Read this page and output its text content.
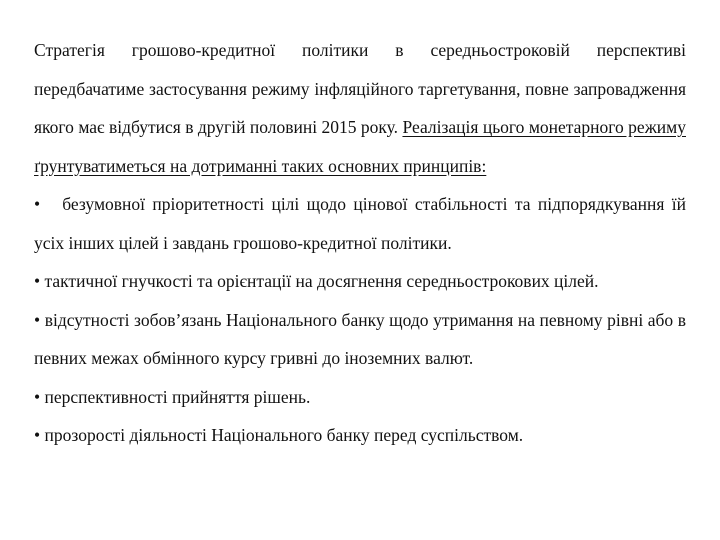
Стратегія грошово-кредитної політики в середньостроковій перспективі передбачатиме застосування режиму інфляційного таргетування, повне запровадження якого має відбутися в другій половині 2015 року. Реалізація цього монетарного режиму ґрунтуватиметься на дотриманні таких основних принципів:

• безумовної пріоритетності цілі щодо цінової стабільності та підпорядкування їй усіх інших цілей і завдань грошово-кредитної політики.

• тактичної гнучкості та орієнтації на досягнення середньострокових цілей.

• відсутності зобов’язань Національного банку щодо утримання на певному рівні або в певних межах обмінного курсу гривні до іноземних валют.

• перспективності прийняття рішень.

• прозорості діяльності Національного банку перед суспільством.
